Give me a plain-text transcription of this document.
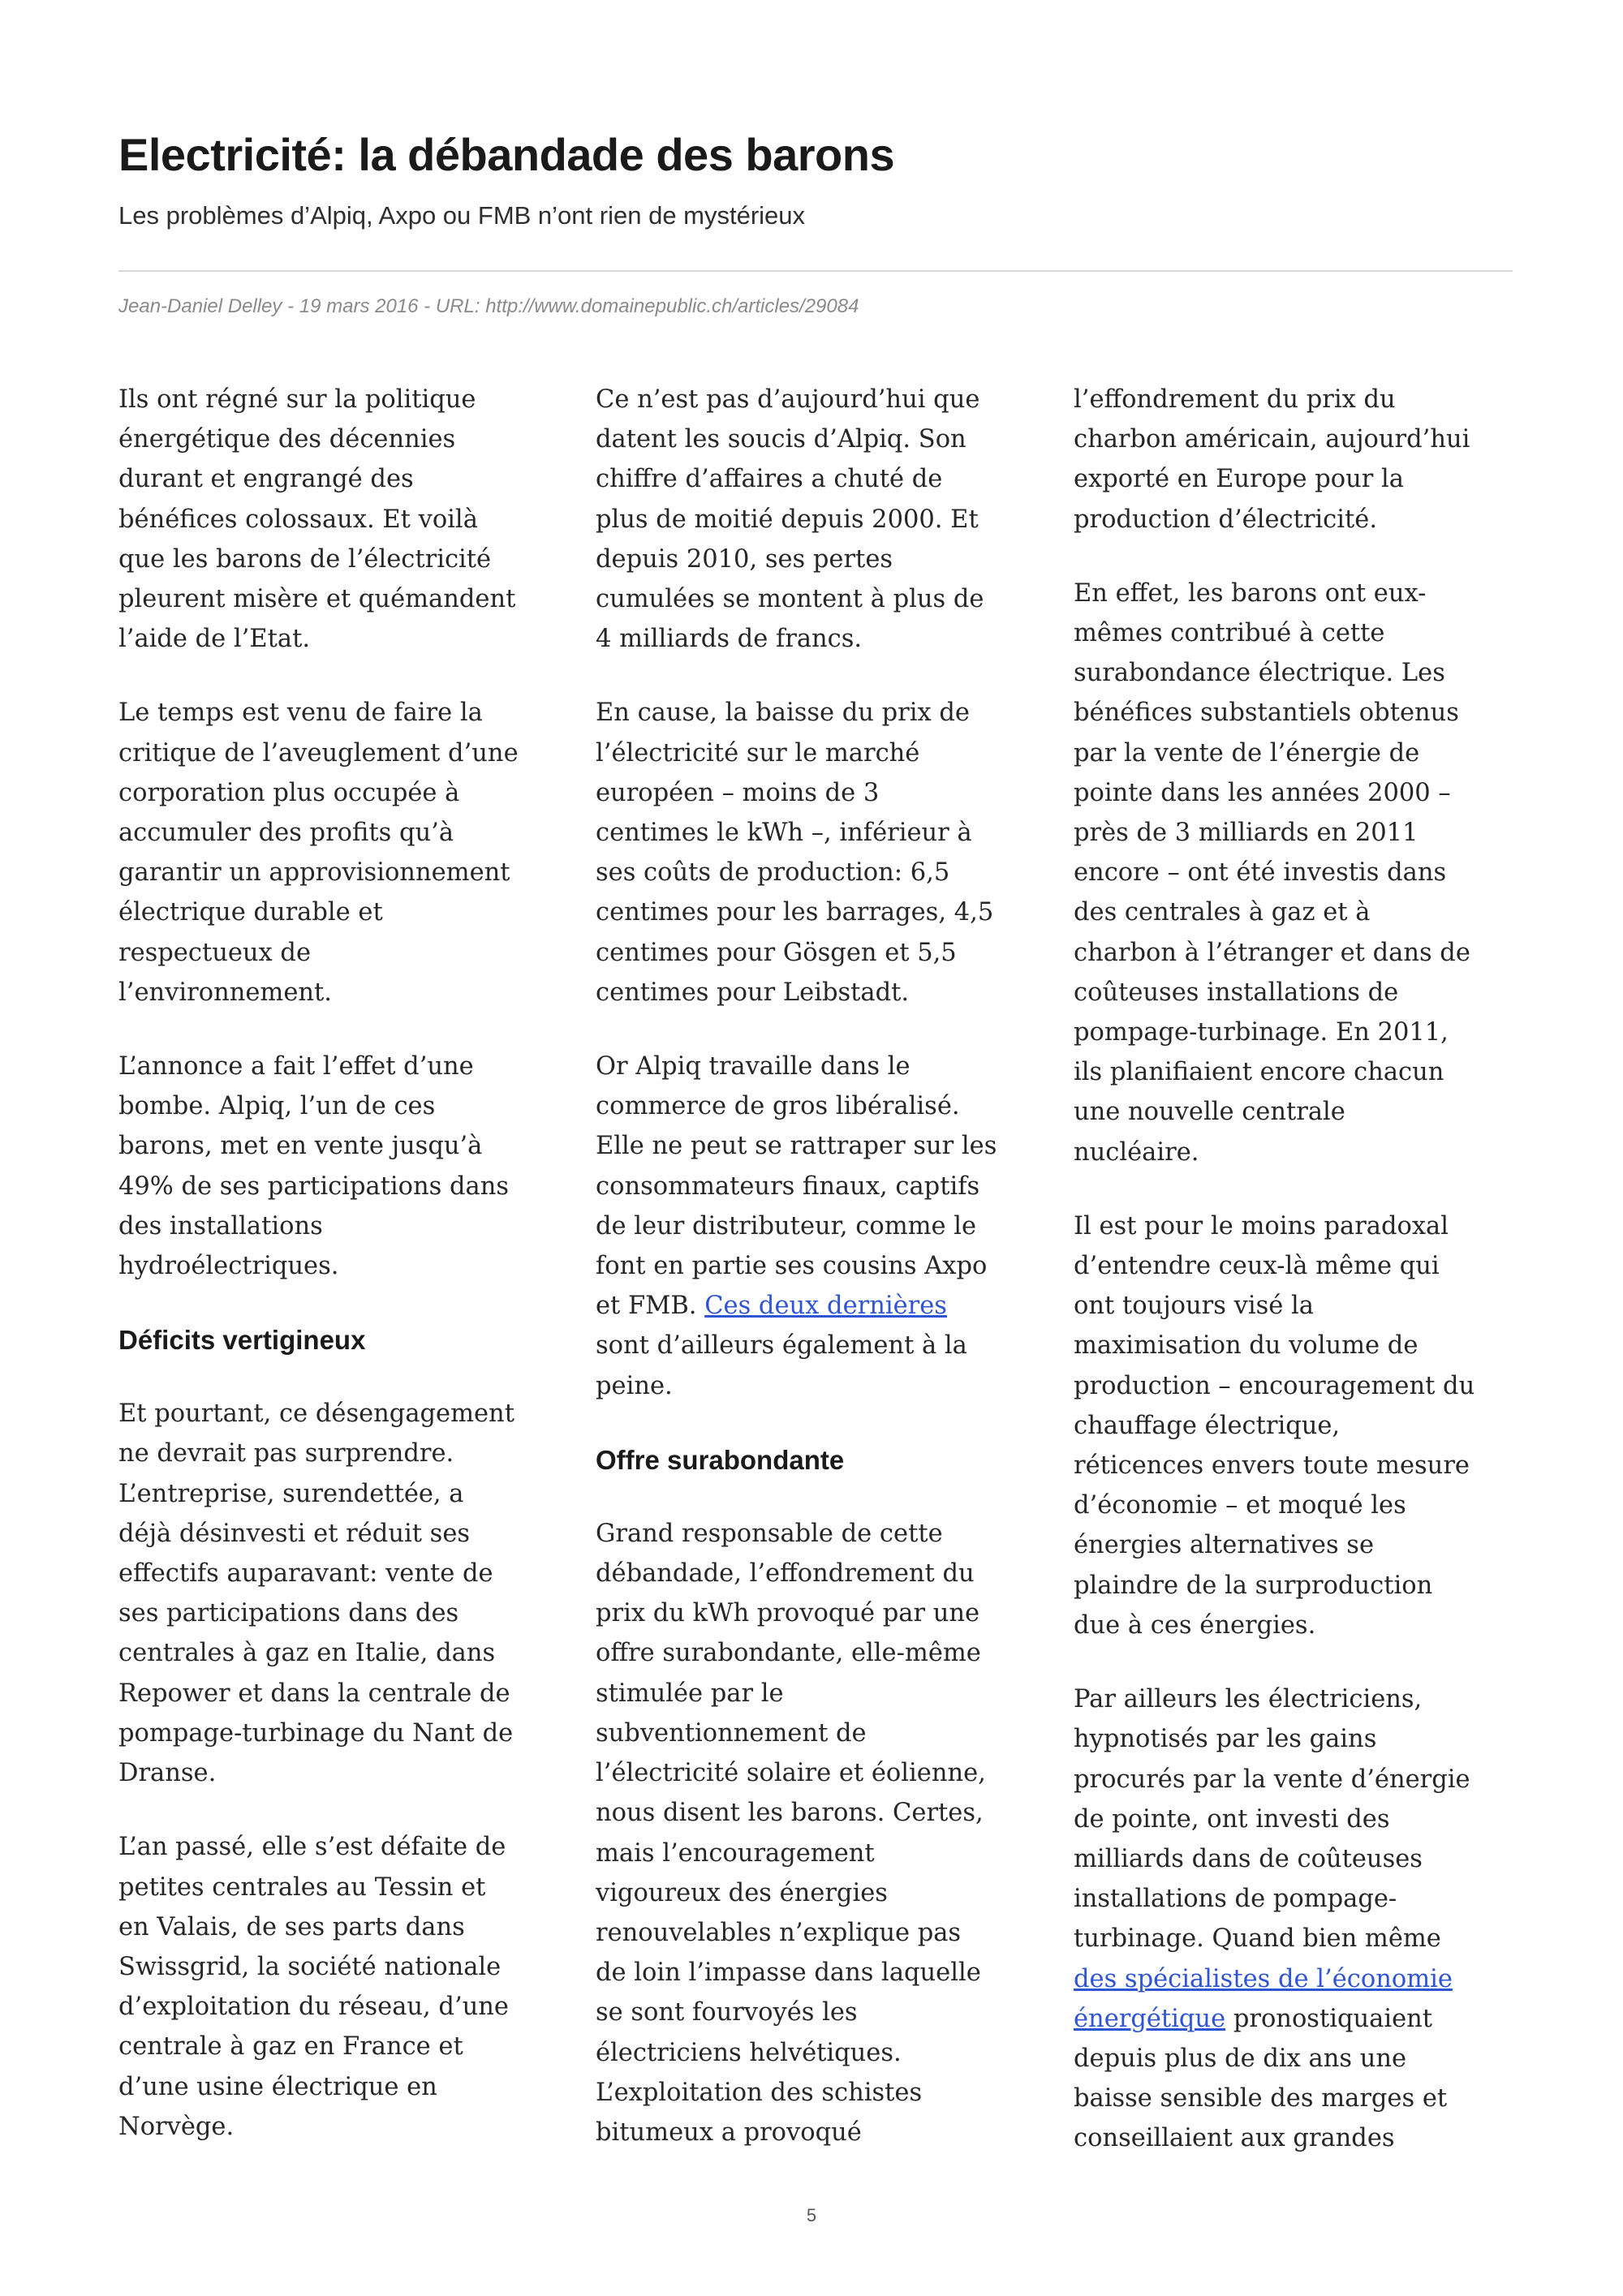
Electricité: la débandade des barons

Les problèmes d’Alpiq, Axpo ou FMB n’ont rien de mystérieux

Jean-Daniel Delley - 19 mars 2016 - URL: http://www.domainepublic.ch/articles/29084

Ils ont régné sur la politique
énergétique des décennies
durant et engrangé des
bénéfices colossaux. Et voilà
que les barons de l’électricité
pleurent misère et quémandent
l’aide de l’Etat.

Le temps est venu de faire la
critique de l’aveuglement d’une
corporation plus occupée à
accumuler des profits qu’à
garantir un approvisionnement
électrique durable et
respectueux de
l’environnement.

L’annonce a fait l’effet d’une
bombe. Alpiq, l’un de ces
barons, met en vente jusqu’à
49% de ses participations dans
des installations
hydroélectriques.

Déficits vertigineux

Et pourtant, ce désengagement
ne devrait pas surprendre.
L’entreprise, surendettée, a
déjà désinvesti et réduit ses
effectifs auparavant: vente de
ses participations dans des
centrales à gaz en Italie, dans
Repower et dans la centrale de
pompage-turbinage du Nant de
Dranse.

L’an passé, elle s’est défaite de
petites centrales au Tessin et
en Valais, de ses parts dans
Swissgrid, la société nationale
d’exploitation du réseau, d’une
centrale à gaz en France et
d’une usine électrique en
Norvège.

Ce n’est pas d’aujourd’hui que
datent les soucis d’Alpiq. Son
chiffre d’affaires a chuté de
plus de moitié depuis 2000. Et
depuis 2010, ses pertes
cumulées se montent à plus de
4 milliards de francs.

En cause, la baisse du prix de
l’électricité sur le marché
européen – moins de 3
centimes le kWh –, inférieur à
ses coûts de production: 6,5
centimes pour les barrages, 4,5
centimes pour Gösgen et 5,5
centimes pour Leibstadt.

Or Alpiq travaille dans le
commerce de gros libéralisé.
Elle ne peut se rattraper sur les
consommateurs finaux, captifs
de leur distributeur, comme le
font en partie ses cousins Axpo
et FMB. Ces deux dernières
sont d’ailleurs également à la
peine.

Offre surabondante

Grand responsable de cette
débandade, l’effondrement du
prix du kWh provoqué par une
offre surabondante, elle-même
stimulée par le
subventionnement de
l’électricité solaire et éolienne,
nous disent les barons. Certes,
mais l’encouragement
vigoureux des énergies
renouvelables n’explique pas
de loin l’impasse dans laquelle
se sont fourvoyés les
électriciens helvétiques.
L’exploitation des schistes
bitumeux a provoqué

l’effondrement du prix du
charbon américain, aujourd’hui
exporté en Europe pour la
production d’électricité.

En effet, les barons ont eux-
mêmes contribué à cette
surabondance électrique. Les
bénéfices substantiels obtenus
par la vente de l’énergie de
pointe dans les années 2000 –
près de 3 milliards en 2011
encore – ont été investis dans
des centrales à gaz et à
charbon à l’étranger et dans de
coûteuses installations de
pompage-turbinage. En 2011,
ils planifiaient encore chacun
une nouvelle centrale
nucléaire.

Il est pour le moins paradoxal
d’entendre ceux-là même qui
ont toujours visé la
maximisation du volume de
production – encouragement du
chauffage électrique,
réticences envers toute mesure
d’économie – et moqué les
énergies alternatives se
plaindre de la surproduction
due à ces énergies.

Par ailleurs les électriciens,
hypnotisés par les gains
procurés par la vente d’énergie
de pointe, ont investi des
milliards dans de coûteuses
installations de pompage-
turbinage. Quand bien même
des spécialistes de l’économie
énergétique pronostiquaient
depuis plus de dix ans une
baisse sensible des marges et
conseillaient aux grandes

5
